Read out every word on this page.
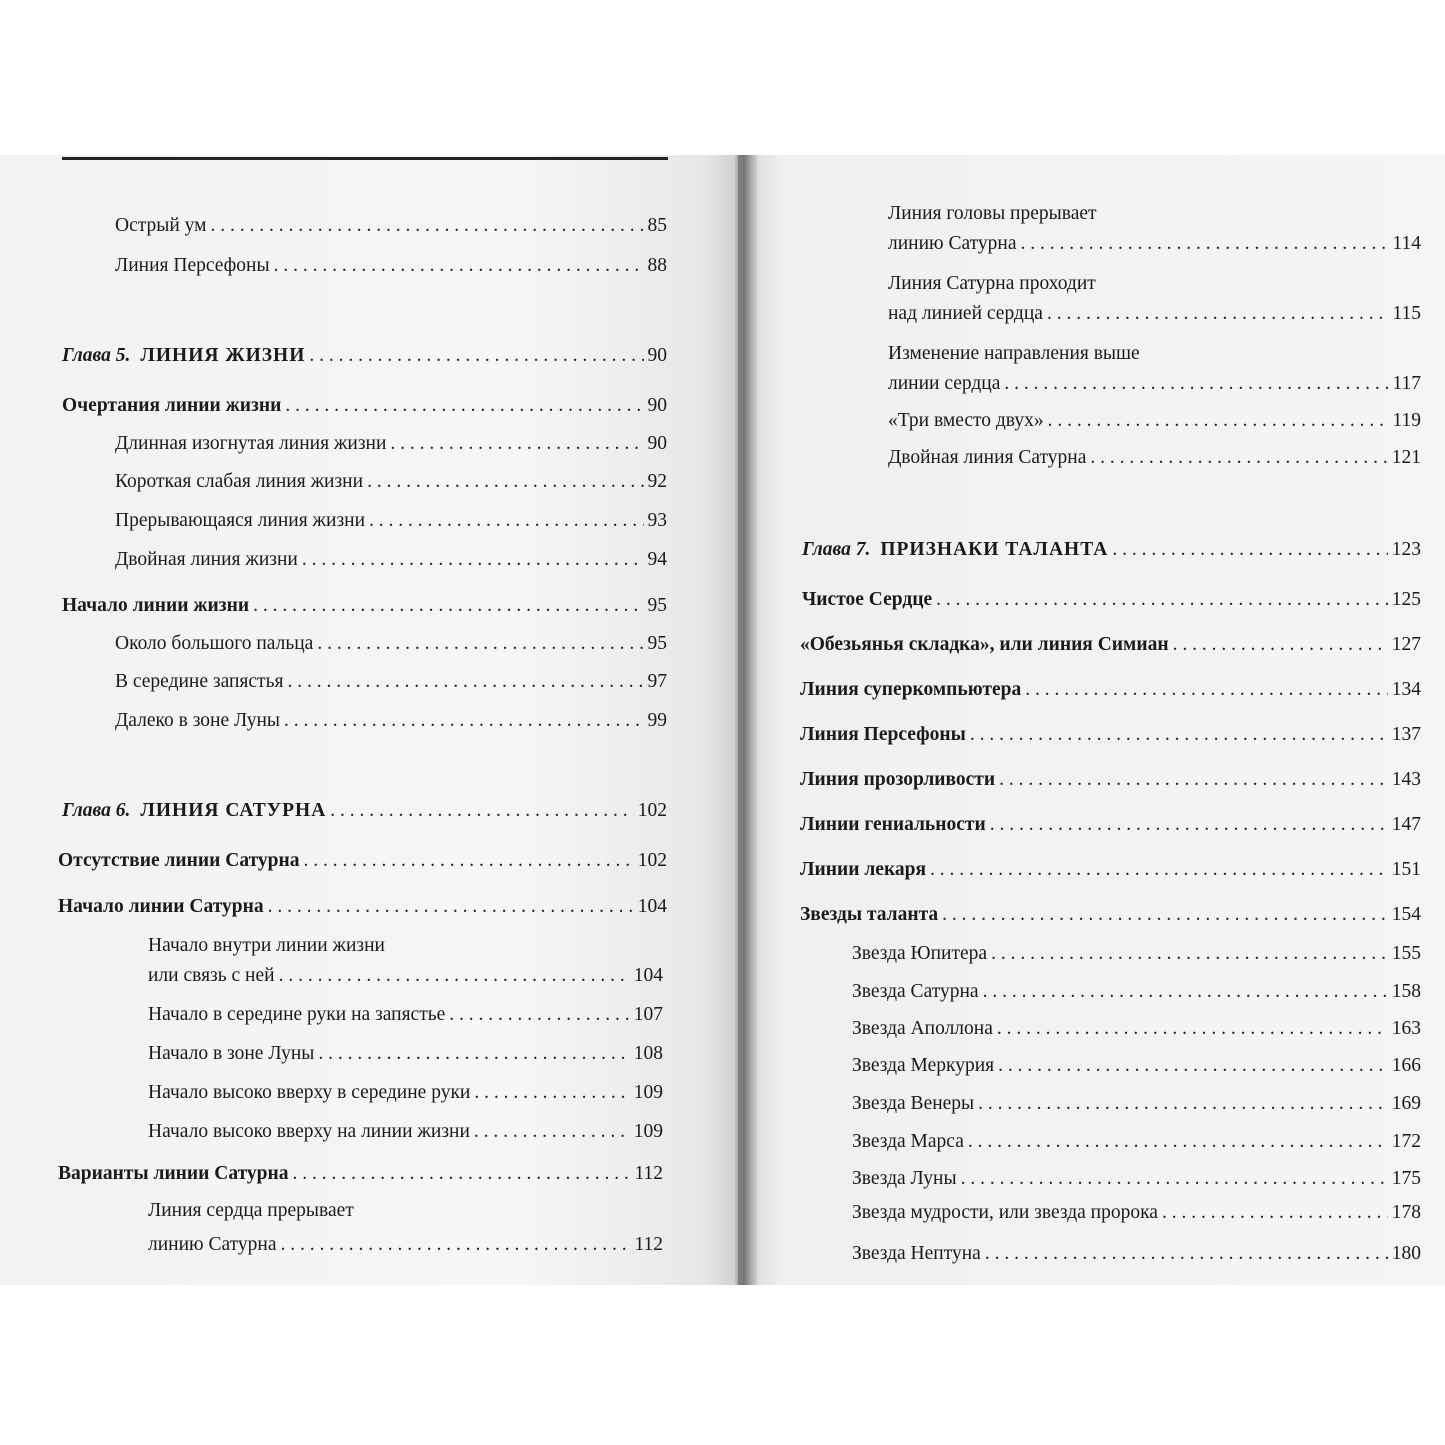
Острый ум . . .	85
Линия Персефоны . . .	88
Глава 5. ЛИНИЯ ЖИЗНИ . . .	90
Очертания линии жизни . . .	90
Длинная изогнутая линия жизни . . .	90
Короткая слабая линия жизни . . .	92
Прерывающаяся линия жизни . . .	93
Двойная линия жизни . . .	94
Начало линии жизни . . .	95
Около большого пальца . . .	95
В середине запястья . . .	97
Далеко в зоне Луны . . .	99
Глава 6. ЛИНИЯ САТУРНА . . .	102
Отсутствие линии Сатурна . . .	102
Начало линии Сатурна . . .	104
Начало внутри линии жизни
или связь с ней . . .	104
Начало в середине руки на запястье . . .	107
Начало в зоне Луны . . .	108
Начало высоко вверху в середине руки . . .	109
Начало высоко вверху на линии жизни . . .	109
Варианты линии Сатурна . . .	112
Линия сердца прерывает
линию Сатурна . . .	112
Линия головы прерывает
линию Сатурна . . .	114
Линия Сатурна проходит
над линией сердца . . .	115
Изменение направления выше
линии сердца . . .	117
«Три вместо двух» . . .	119
Двойная линия Сатурна . . .	121
Глава 7. ПРИЗНАКИ ТАЛАНТА . . .	123
Чистое Сердце . . .	125
«Обезьянья складка», или линия Симиан . . .	127
Линия суперкомпьютера . . .	134
Линия Персефоны . . .	137
Линия прозорливости . . .	143
Линии гениальности . . .	147
Линии лекаря . . .	151
Звезды таланта . . .	154
Звезда Юпитера . . .	155
Звезда Сатурна . . .	158
Звезда Аполлона . . .	163
Звезда Меркурия . . .	166
Звезда Венеры . . .	169
Звезда Марса . . .	172
Звезда Луны . . .	175
Звезда мудрости, или звезда пророка . . .	178
Звезда Нептуна . . .	180
